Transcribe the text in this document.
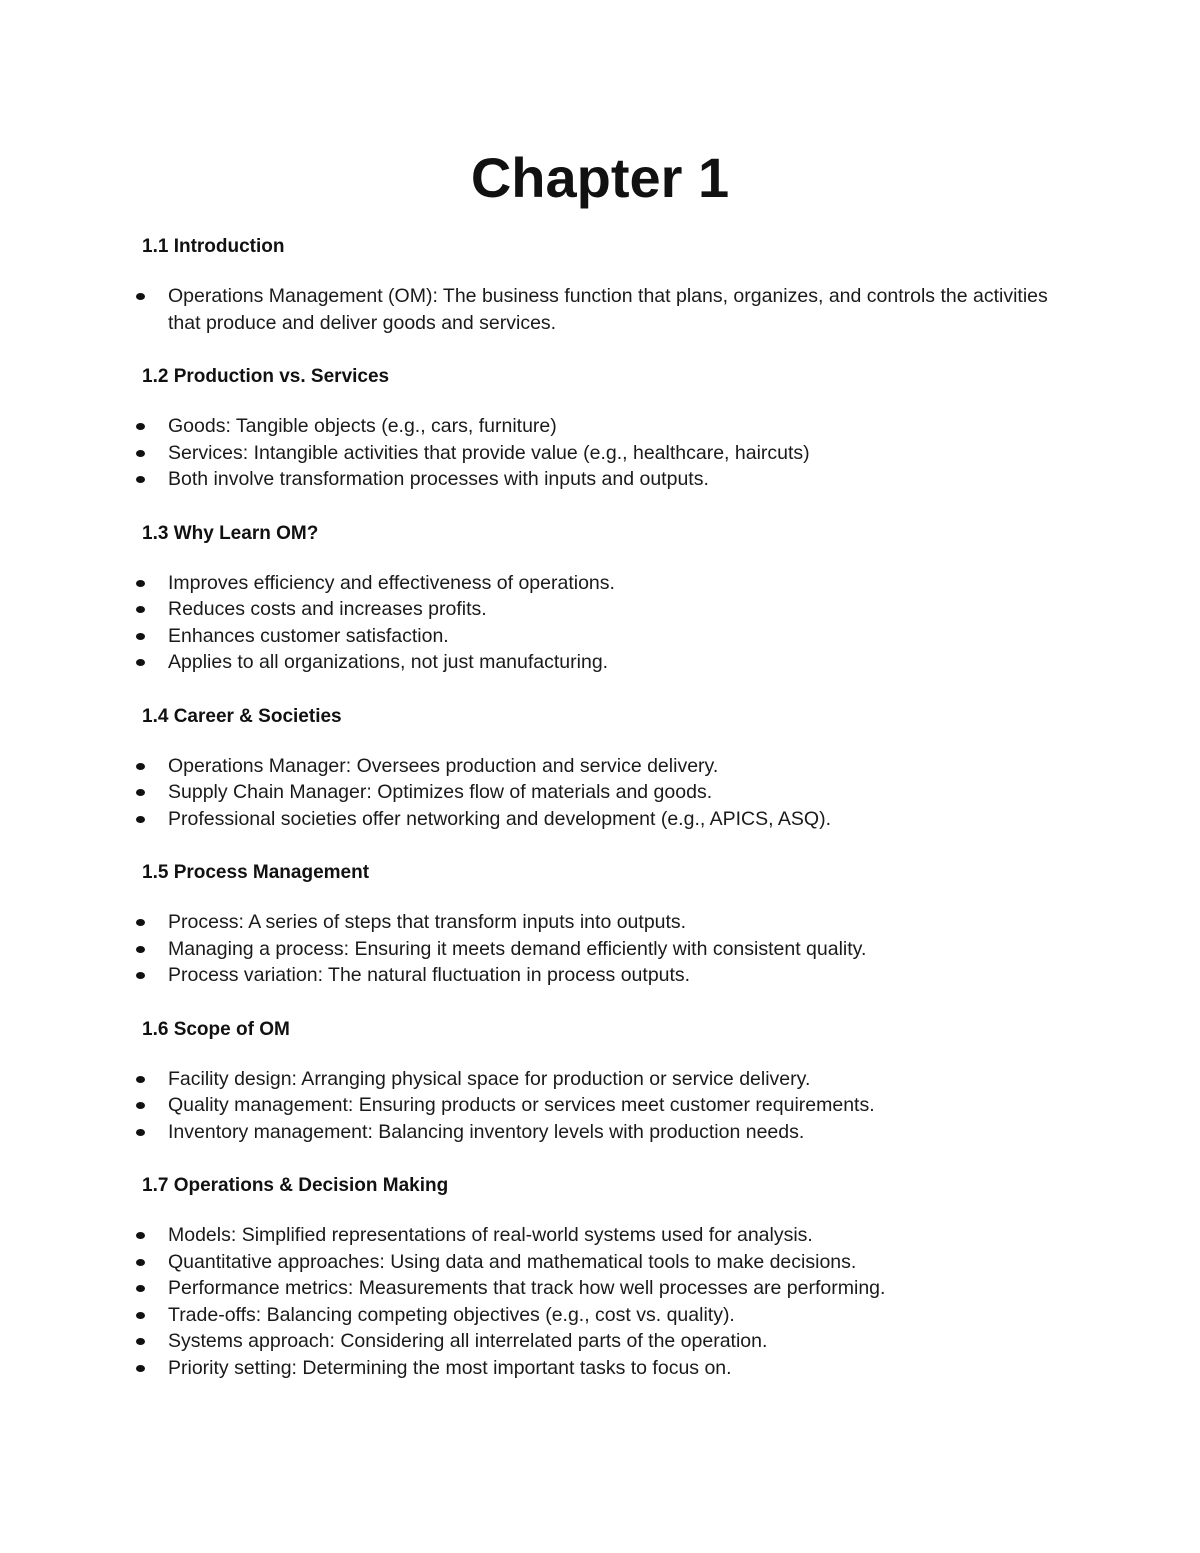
Chapter 1
1.1 Introduction
Operations Management (OM): The business function that plans, organizes, and controls the activities that produce and deliver goods and services.
1.2 Production vs. Services
Goods: Tangible objects (e.g., cars, furniture)
Services: Intangible activities that provide value (e.g., healthcare, haircuts)
Both involve transformation processes with inputs and outputs.
1.3 Why Learn OM?
Improves efficiency and effectiveness of operations.
Reduces costs and increases profits.
Enhances customer satisfaction.
Applies to all organizations, not just manufacturing.
1.4 Career & Societies
Operations Manager: Oversees production and service delivery.
Supply Chain Manager: Optimizes flow of materials and goods.
Professional societies offer networking and development (e.g., APICS, ASQ).
1.5 Process Management
Process: A series of steps that transform inputs into outputs.
Managing a process: Ensuring it meets demand efficiently with consistent quality.
Process variation: The natural fluctuation in process outputs.
1.6 Scope of OM
Facility design: Arranging physical space for production or service delivery.
Quality management: Ensuring products or services meet customer requirements.
Inventory management: Balancing inventory levels with production needs.
1.7 Operations & Decision Making
Models: Simplified representations of real-world systems used for analysis.
Quantitative approaches: Using data and mathematical tools to make decisions.
Performance metrics: Measurements that track how well processes are performing.
Trade-offs: Balancing competing objectives (e.g., cost vs. quality).
Systems approach: Considering all interrelated parts of the operation.
Priority setting: Determining the most important tasks to focus on.
